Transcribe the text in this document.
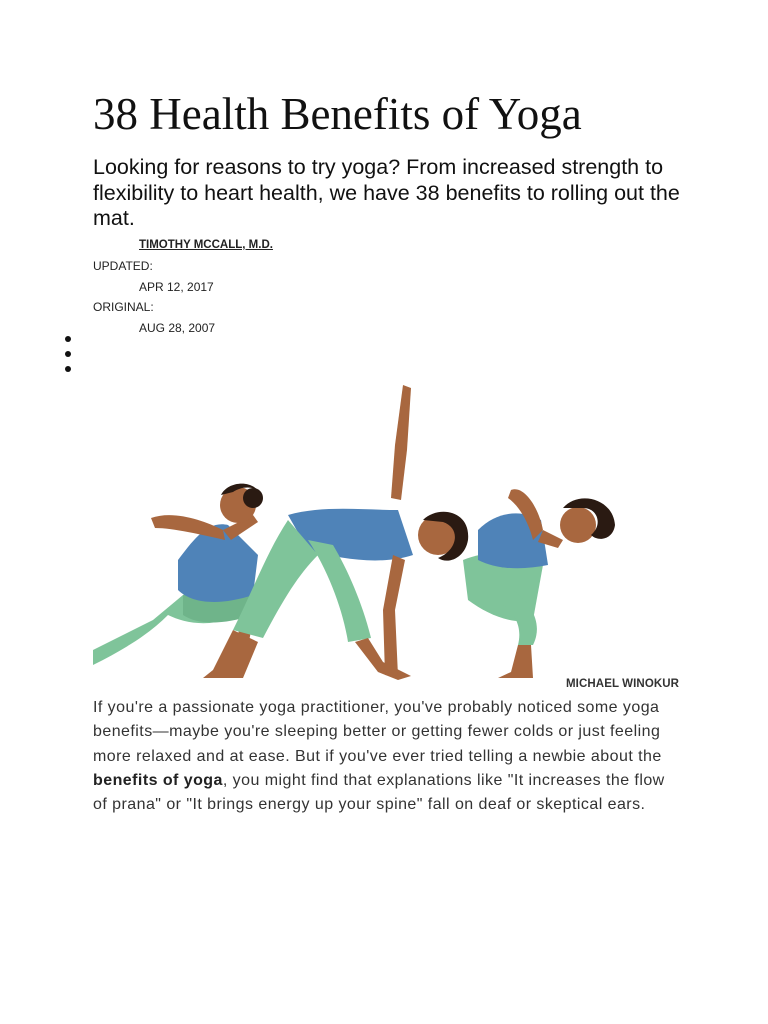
38 Health Benefits of Yoga

Looking for reasons to try yoga? From increased strength to flexibility to heart health, we have 38 benefits to rolling out the mat.

TIMOTHY MCCALL, M.D.
UPDATED:
APR 12, 2017
ORIGINAL:
AUG 28, 2007
MICHAEL WINOKUR

If you're a passionate yoga practitioner, you've probably noticed some yoga benefits—maybe you're sleeping better or getting fewer colds or just feeling more relaxed and at ease. But if you've ever tried telling a newbie about the benefits of yoga, you might find that explanations like "It increases the flow of prana" or "It brings energy up your spine" fall on deaf or skeptical ears.
